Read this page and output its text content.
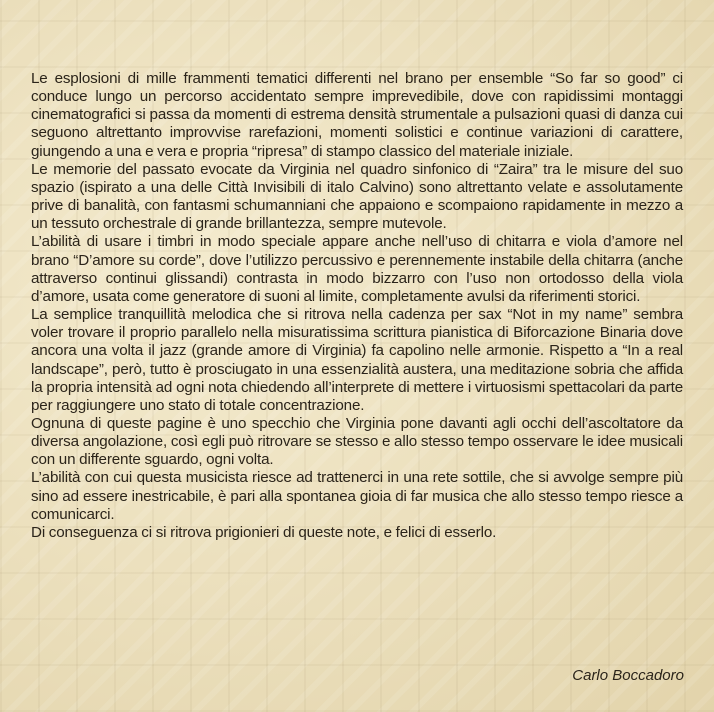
Le esplosioni di mille frammenti tematici differenti nel brano per ensemble “So far so good” ci conduce lungo un percorso accidentato sempre imprevedibile, dove con rapidissimi montaggi cinematografici si passa da momenti di estrema densità strumentale a pulsazioni quasi di danza cui seguono altrettanto improvvise rarefazioni, momenti solistici e continue variazioni di carattere, giungendo a una e vera e propria “ripresa” di stampo classico del materiale iniziale.

Le memorie del passato evocate da Virginia nel quadro sinfonico di “Zaira” tra le misure del suo spazio (ispirato a una delle Città Invisibili di italo Calvino) sono altrettanto velate e assolutamente prive di banalità, con fantasmi schumanniani che appaiono e scompaiono rapidamente in mezzo a un tessuto orchestrale di grande brillantezza, sempre mutevole.

L’abilità di usare i timbri in modo speciale appare anche nell’uso di chitarra e viola d’amore nel brano “D’amore su corde”, dove l’utilizzo percussivo e perennemente instabile della chitarra (anche attraverso continui glissandi) contrasta in modo bizzarro con l’uso non ortodosso della viola d’amore, usata come generatore di suoni al limite, completamente avulsi da riferimenti storici.

La semplice tranquillità melodica che si ritrova nella cadenza per sax “Not in my name” sembra voler trovare il proprio parallelo nella misuratissima scrittura pianistica di Biforcazione Binaria dove ancora una volta il jazz (grande amore di Virginia) fa capolino nelle armonie. Rispetto a “In a real landscape”, però, tutto è prosciugato in una essenzialità austera, una meditazione sobria che affida la propria intensità ad ogni nota chiedendo all’interprete di mettere i virtuosismi spettacolari da parte per raggiungere uno stato di totale concentrazione.

Ognuna di queste pagine è uno specchio che Virginia pone davanti agli occhi dell’ascoltatore da diversa angolazione, così egli può ritrovare se stesso e allo stesso tempo osservare le idee musicali con un differente sguardo, ogni volta.

L’abilità con cui questa musicista riesce ad trattenerci in una rete sottile, che si avvolge sempre più sino ad essere inestricabile, è pari alla spontanea gioia di far musica che allo stesso tempo riesce a comunicarci.

Di conseguenza ci si ritrova prigionieri di queste note, e felici di esserlo.

Carlo Boccadoro
